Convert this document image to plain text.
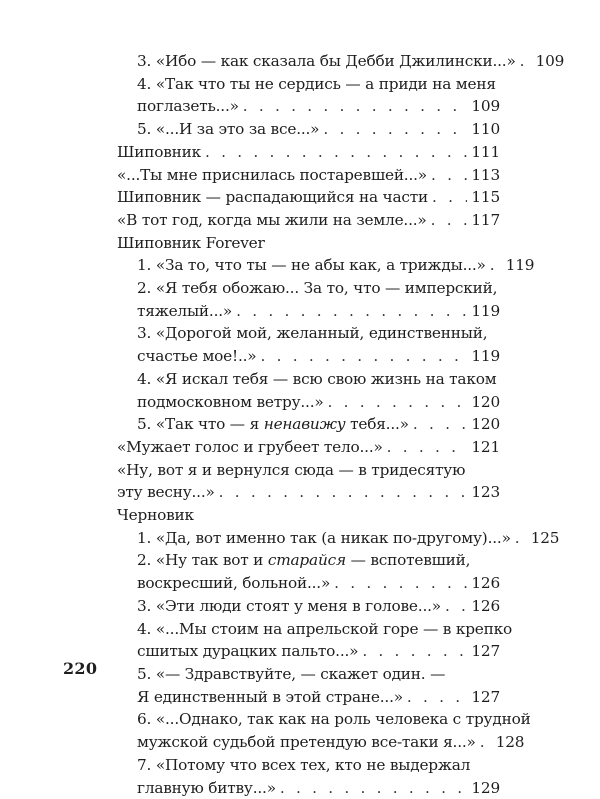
3. «Ибо — как сказала бы Дебби Джилински...» . . . 109
4. «Так что ты не сердись — а приди на меня
поглазеть...» . . .	109
5. «...И за это за все...» . . .	110
Шиповник . . .	111
«...Ты мне приснилась постаревшей...» . . .	113
Шиповник — распадающийся на части . . .	115
«В тот год, когда мы жили на земле...» . . .	117
Шиповник Forever
1. «За то, что ты — не абы как, а трижды...» . . . 119
2. «Я тебя обожаю... За то, что — имперский,
тяжелый...» . . .	119
3. «Дорогой мой, желанный, единственный,
счастье мое!..» . . .	119
4. «Я искал тебя — всю свою жизнь на таком
подмосковном ветру...» . . .	120
5. «Так что — я ненавижу тебя...» . . .	120
«Мужает голос и грубеет тело...» . . .	121
«Ну, вот я и вернулся сюда — в тридесятую
эту весну...» . . .	123
Черновик
1. «Да, вот именно так (а никак по-другому)...» . . . 125
2. «Ну так вот и старайся — вспотевший,
воскресший, больной...» . . .	126
3. «Эти люди стоят у меня в голове...» . . . 126
4. «...Мы стоим на апрельской горе — в крепко
сшитых дурацких пальто...» . . .	127
5. «— Здравствуйте, — скажет один. —
Я единственный в этой стране...» . . .	127
6. «...Однако, так как на роль человека с трудной
мужской судьбой претендую все-таки я...» . . . 128
7. «Потому что всех тех, кто не выдержал
главную битву...» . . .	129
220
